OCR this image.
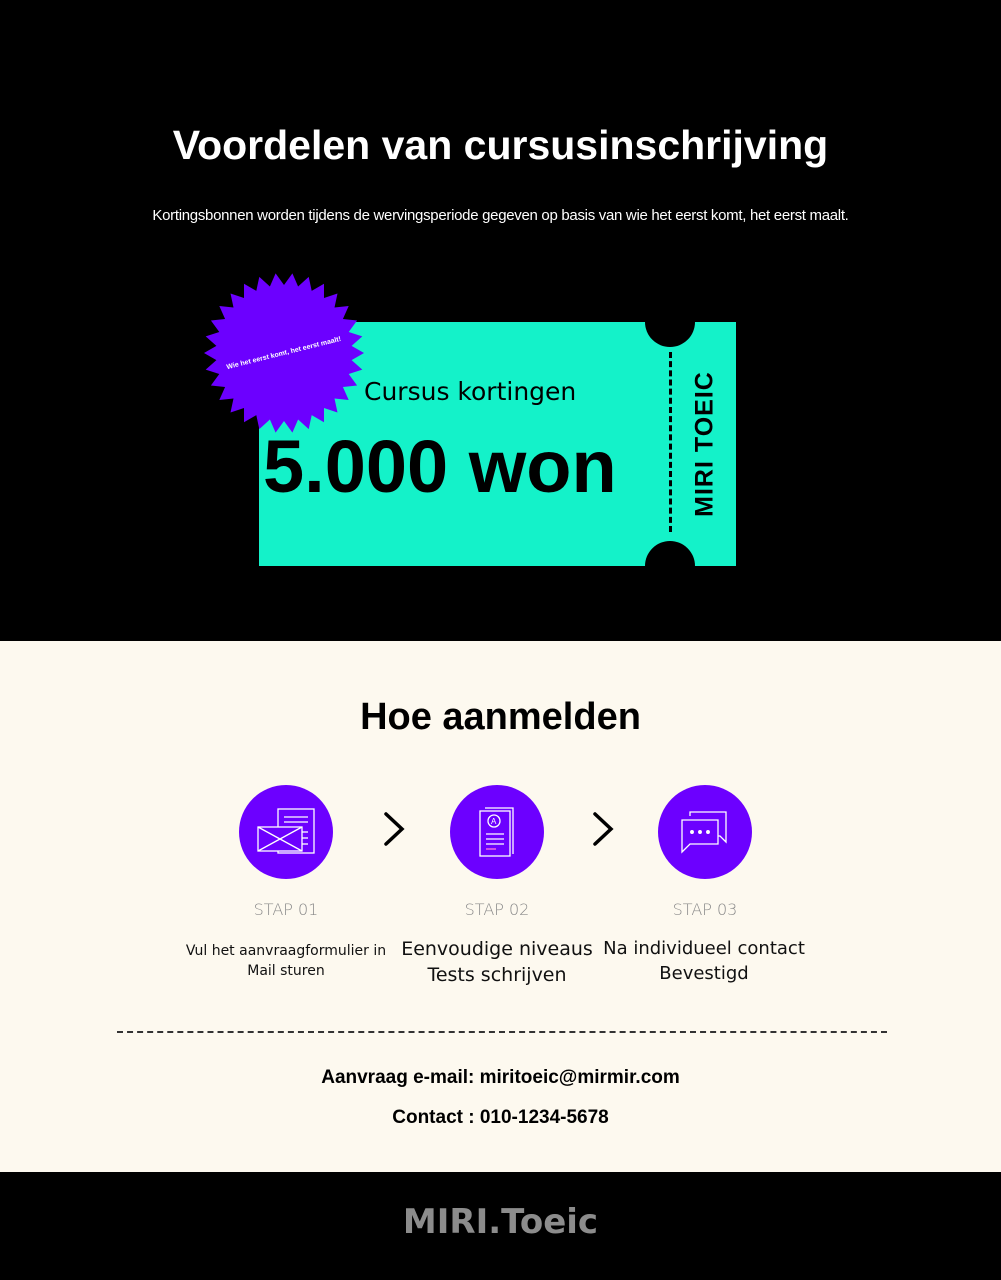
Voordelen van cursusinschrijving

Kortingsbonnen worden tijdens de wervingsperiode gegeven op basis van wie het eerst komt, het eerst maalt.

Cursus kortingen
5.000 won	MIRI TOEIC
Wie het eerst komt, het eerst maalt!
Hoe aanmelden
A
STAP 01	STAP 02	STAP 03
Vul het aanvraagformulier in
Mail sturen
Eenvoudige niveaus
Tests schrijven
Na individueel contact
Bevestigd
Aanvraag e-mail: miritoeic@mirmir.com
Contact : 010-1234-5678
MIRI.Toeic
